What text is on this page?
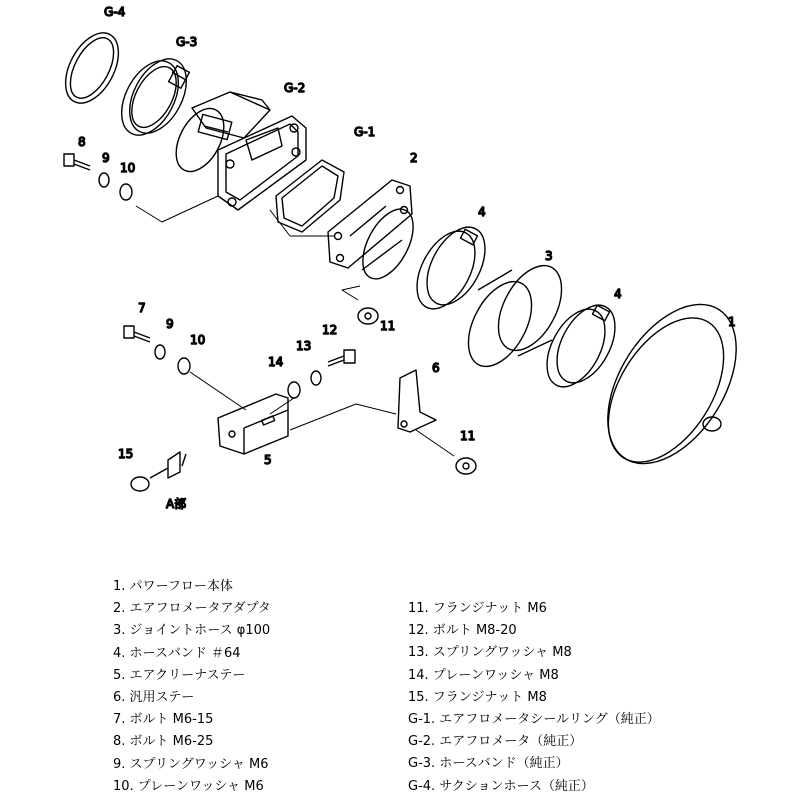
G-4
G-3
G-2
G-1
2
4
3
4
1
8
9
10
11
7
9
10
12
13
14	6
11
5
15
A部
1. パワーフロー本体
2. エアフロメータアダプタ
3. ジョイントホース φ100
4. ホースバンド ＃64
5. エアクリーナステー
6. 汎用ステー
7. ボルト M6-15
8. ボルト M6-25
9. スプリングワッシャ M6
10. プレーンワッシャ M6
11. フランジナット M6
12. ボルト M8-20
13. スプリングワッシャ M8
14. プレーンワッシャ M8
15. フランジナット M8
G-1. エアフロメータシールリング（純正）
G-2. エアフロメータ（純正）
G-3. ホースバンド（純正）
G-4. サクションホース（純正）
